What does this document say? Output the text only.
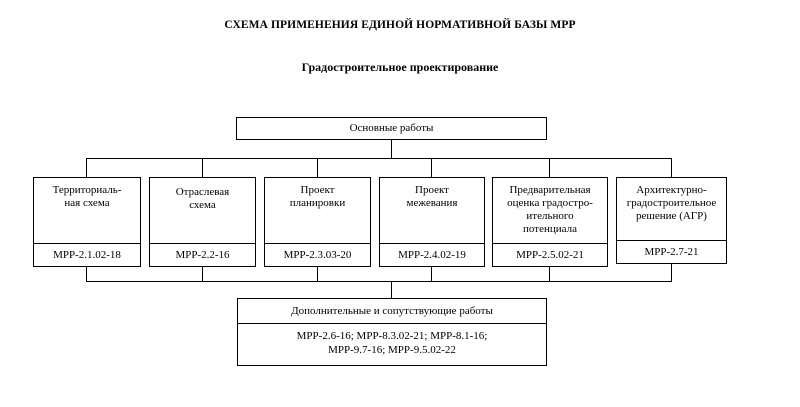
СХЕМА ПРИМЕНЕНИЯ ЕДИНОЙ НОРМАТИВНОЙ БАЗЫ МРР
Градостроительное проектирование
Основные работы
Территориаль-
ная схема
МРР-2.1.02-18
Отраслевая
схема
МРР-2.2-16
Проект
планировки
МРР-2.3.03-20
Проект
межевания
МРР-2.4.02-19
Предварительная
оценка градостро-
ительного
потенциала
МРР-2.5.02-21
Архитектурно-
градостроительное
решение (АГР)
МРР-2.7-21
Дополнительные и сопутствующие работы
МРР-2.6-16; МРР-8.3.02-21; МРР-8.1-16;
МРР-9.7-16; МРР-9.5.02-22
